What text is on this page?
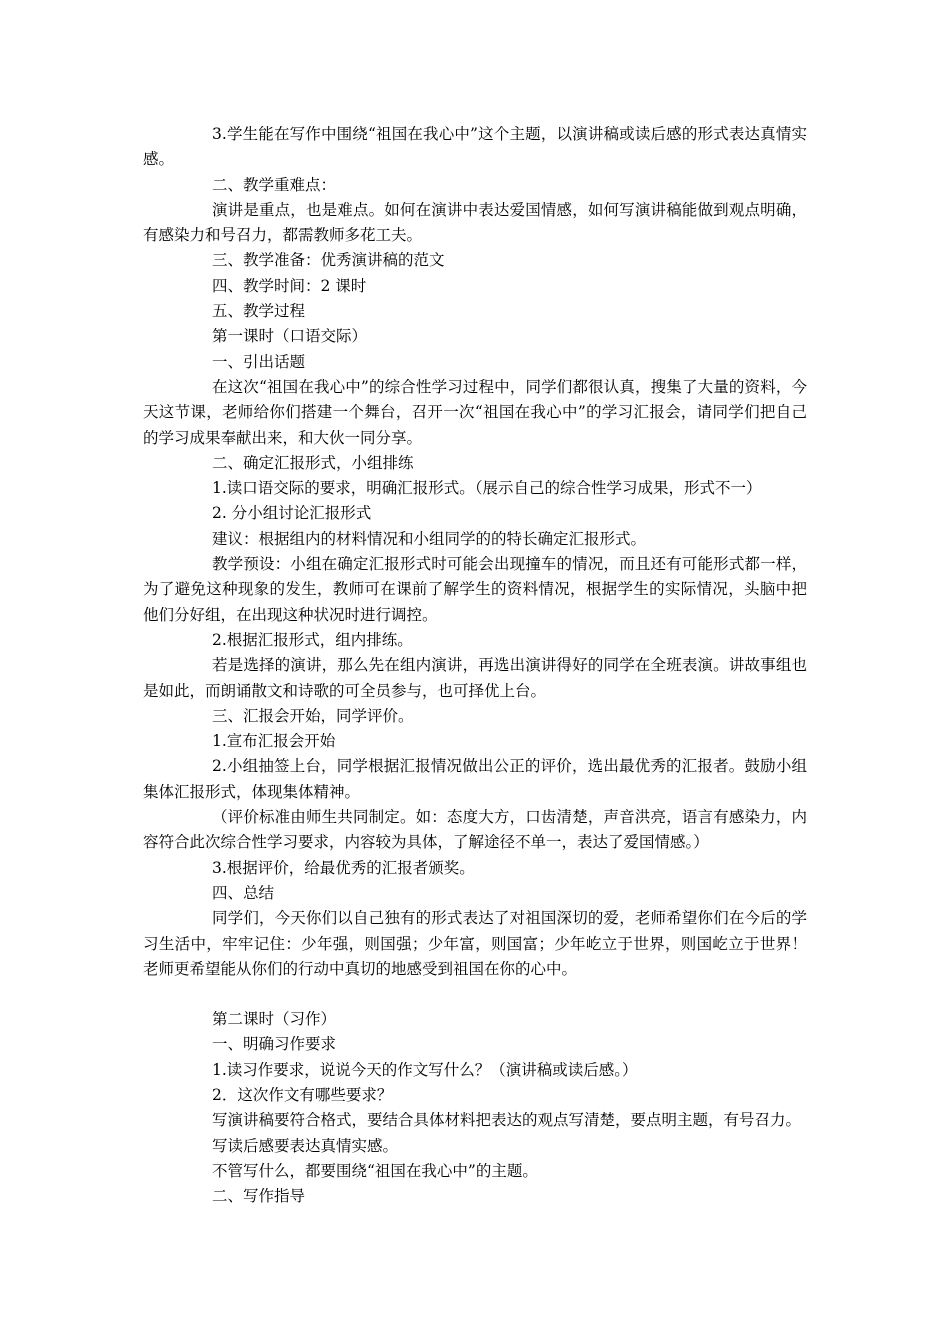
3.学生能在写作中围绕“祖国在我心中”这个主题，以演讲稿或读后感的形式表达真情实感。

二、教学重难点：

演讲是重点，也是难点。如何在演讲中表达爱国情感，如何写演讲稿能做到观点明确，有感染力和号召力，都需教师多花工夫。

三、教学准备：优秀演讲稿的范文

四、教学时间：2 课时

五、教学过程

第一课时（口语交际）

一、引出话题

在这次“祖国在我心中”的综合性学习过程中，同学们都很认真，搜集了大量的资料，今天这节课，老师给你们搭建一个舞台，召开一次“祖国在我心中”的学习汇报会，请同学们把自己的学习成果奉献出来，和大伙一同分享。

二、确定汇报形式，小组排练

1.读口语交际的要求，明确汇报形式。（展示自己的综合性学习成果，形式不一）

2. 分小组讨论汇报形式

建议：根据组内的材料情况和小组同学的的特长确定汇报形式。

教学预设：小组在确定汇报形式时可能会出现撞车的情况，而且还有可能形式都一样，为了避免这种现象的发生，教师可在课前了解学生的资料情况，根据学生的实际情况，头脑中把他们分好组，在出现这种状况时进行调控。

2.根据汇报形式，组内排练。

若是选择的演讲，那么先在组内演讲，再选出演讲得好的同学在全班表演。讲故事组也是如此，而朗诵散文和诗歌的可全员参与，也可择优上台。

三、汇报会开始，同学评价。

1.宣布汇报会开始

2.小组抽签上台，同学根据汇报情况做出公正的评价，选出最优秀的汇报者。鼓励小组集体汇报形式，体现集体精神。

（评价标准由师生共同制定。如：态度大方，口齿清楚，声音洪亮，语言有感染力，内容符合此次综合性学习要求，内容较为具体，了解途径不单一，表达了爱国情感。）

3.根据评价，给最优秀的汇报者颁奖。

四、总结

同学们，今天你们以自己独有的形式表达了对祖国深切的爱，老师希望你们在今后的学习生活中，牢牢记住：少年强，则国强；少年富，则国富；少年屹立于世界，则国屹立于世界！老师更希望能从你们的行动中真切的地感受到祖国在你的心中。

第二课时（习作）

一、明确习作要求

1.读习作要求，说说今天的作文写什么？（演讲稿或读后感。）

2．这次作文有哪些要求？

写演讲稿要符合格式，要结合具体材料把表达的观点写清楚，要点明主题，有号召力。

写读后感要表达真情实感。

不管写什么，都要围绕“祖国在我心中”的主题。

二、写作指导
